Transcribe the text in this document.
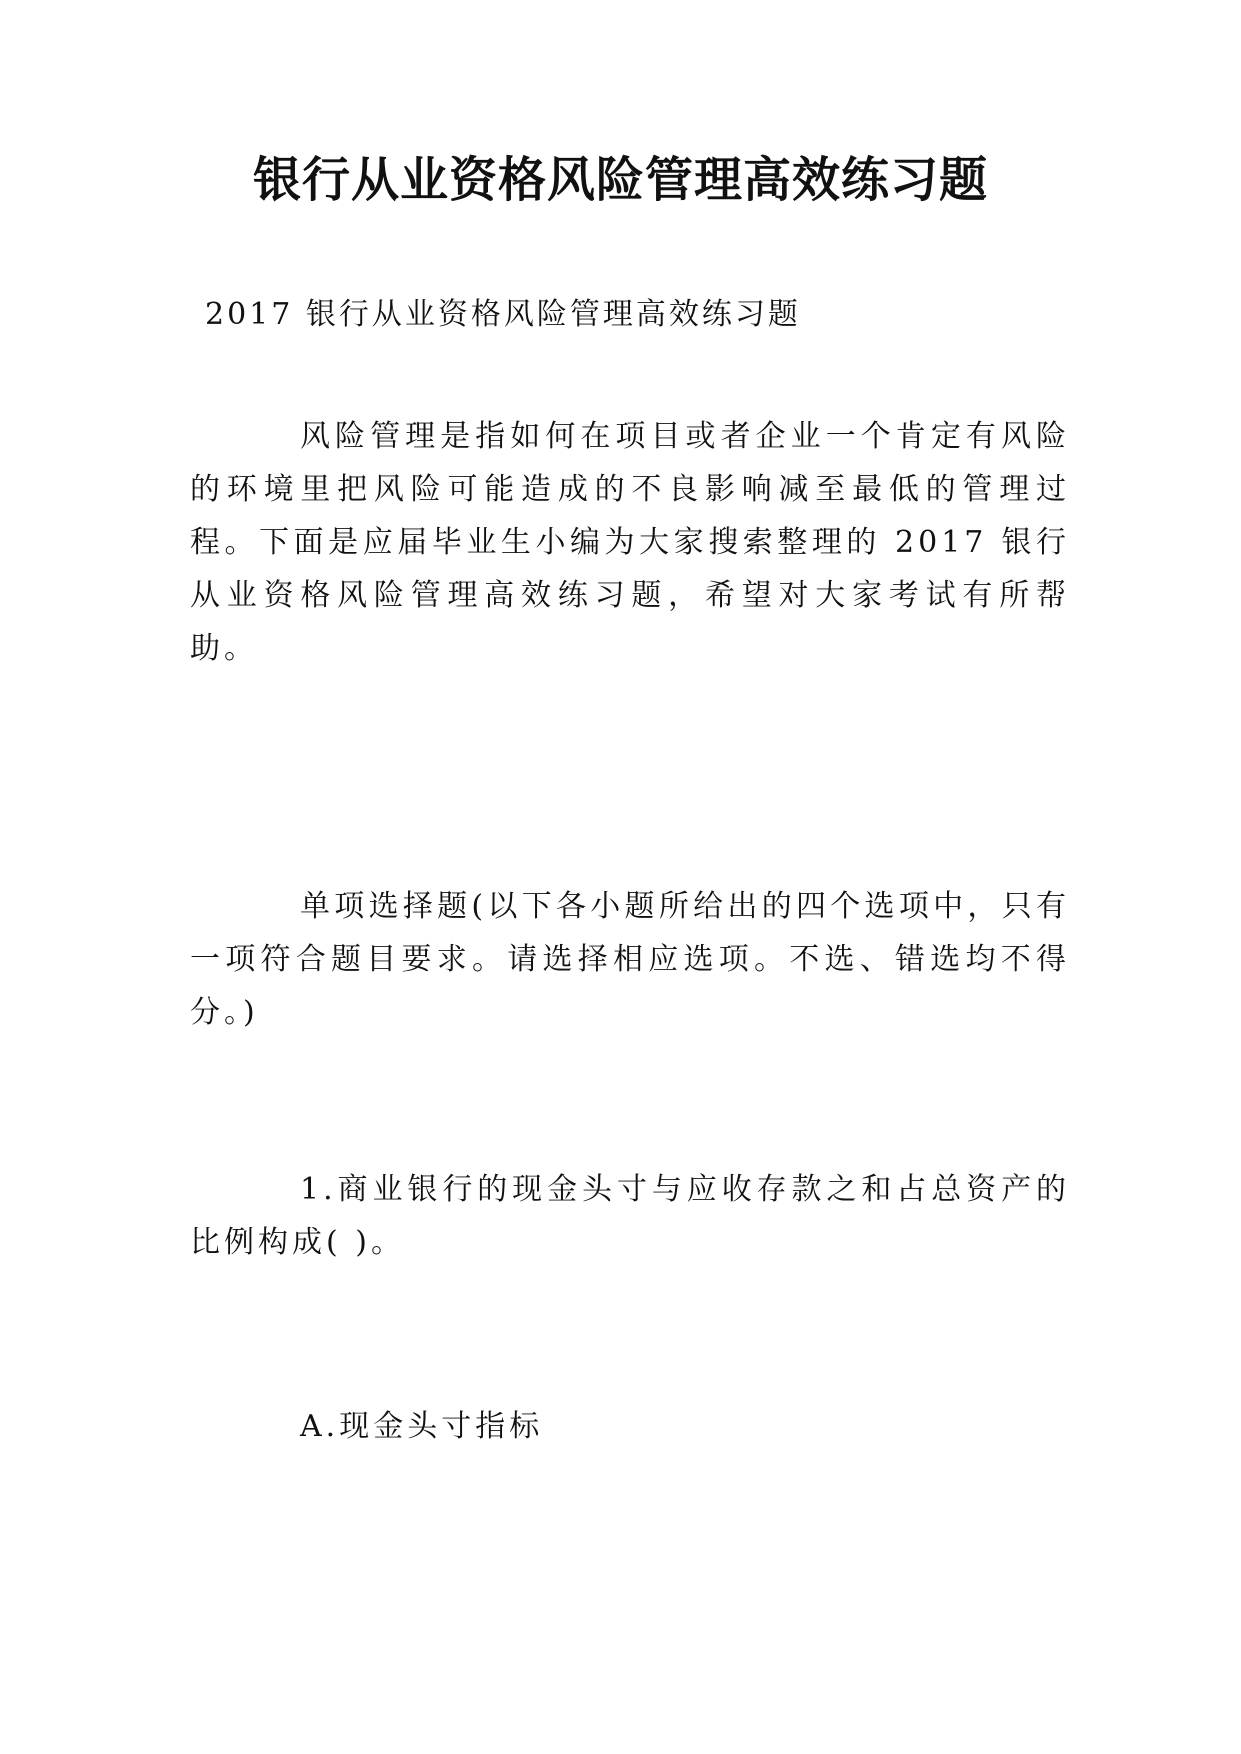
银行从业资格风险管理高效练习题
2017 银行从业资格风险管理高效练习题
风险管理是指如何在项目或者企业一个肯定有风险的环境里把风险可能造成的不良影响减至最低的管理过程。下面是应届毕业生小编为大家搜索整理的 2017 银行从业资格风险管理高效练习题，希望对大家考试有所帮助。
单项选择题(以下各小题所给出的四个选项中，只有一项符合题目要求。请选择相应选项。不选、错选均不得分。)
1.商业银行的现金头寸与应收存款之和占总资产的比例构成( )。
A.现金头寸指标
